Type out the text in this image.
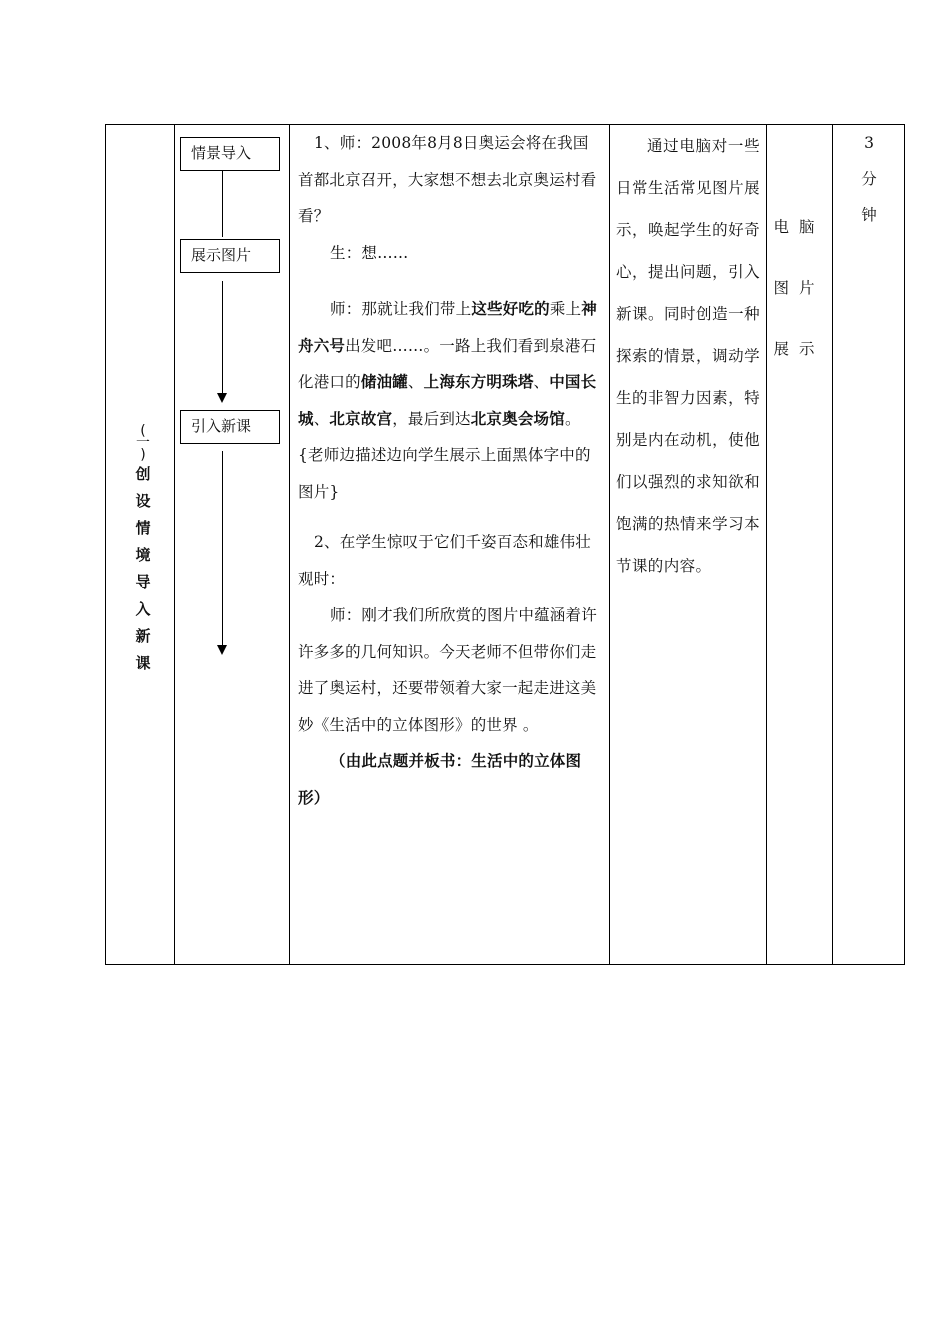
(
一
)
创
设
情
境
导
入
新
课
情景导入
展示图片
引入新课

1、师：2008年8月8日奥运会将在我国首都北京召开，大家想不想去北京奥运村看看？

生：想……

师：那就让我们带上这些好吃的乘上神舟六号出发吧……。一路上我们看到泉港石化港口的储油罐、上海东方明珠塔、中国长城、北京故宫，最后到达北京奥会场馆。{老师边描述边向学生展示上面黑体字中的图片}

2、在学生惊叹于它们千姿百态和雄伟壮观时：

师：刚才我们所欣赏的图片中蕴涵着许许多多的几何知识。今天老师不但带你们走进了奥运村，还要带领着大家一起走进这美妙《生活中的立体图形》的世界 。

（由此点题并板书：生活中的立体图形）

通过电脑对一些日常生活常见图片展示，唤起学生的好奇心，提出问题，引入新课。同时创造一种探索的情景，调动学生的非智力因素，特别是内在动机，使他们以强烈的求知欲和饱满的热情来学习本节课的内容。

电脑
图片
展示
3
分
钟
